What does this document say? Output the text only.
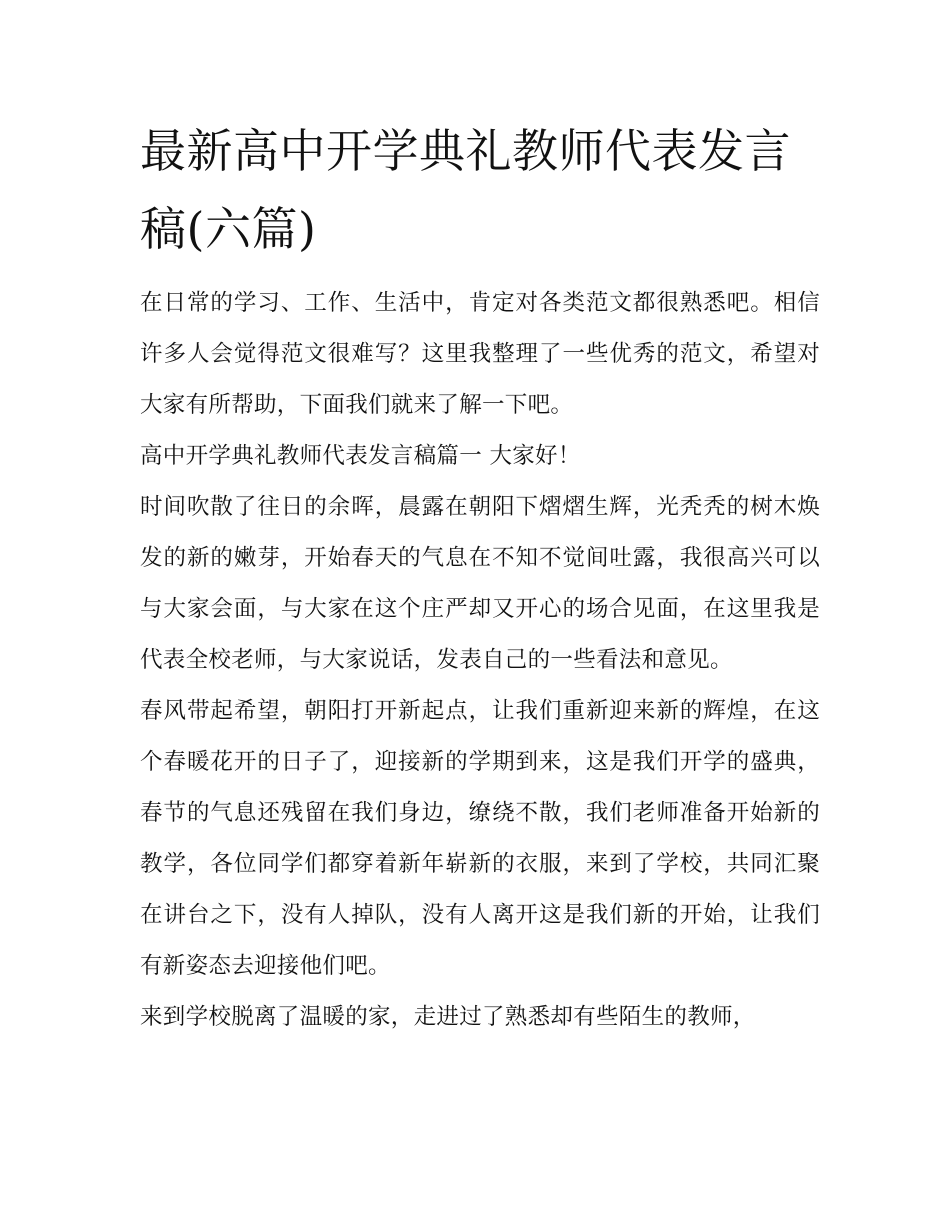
最新高中开学典礼教师代表发言稿(六篇)

在日常的学习、工作、生活中，肯定对各类范文都很熟悉吧。相信许多人会觉得范文很难写？这里我整理了一些优秀的范文，希望对大家有所帮助，下面我们就来了解一下吧。

高中开学典礼教师代表发言稿篇一 大家好！

时间吹散了往日的余晖，晨露在朝阳下熠熠生辉，光秃秃的树木焕发的新的嫩芽，开始春天的气息在不知不觉间吐露，我很高兴可以与大家会面，与大家在这个庄严却又开心的场合见面，在这里我是代表全校老师，与大家说话，发表自己的一些看法和意见。

春风带起希望，朝阳打开新起点，让我们重新迎来新的辉煌，在这个春暖花开的日子了，迎接新的学期到来，这是我们开学的盛典，春节的气息还残留在我们身边，缭绕不散，我们老师准备开始新的教学，各位同学们都穿着新年崭新的衣服，来到了学校，共同汇聚在讲台之下，没有人掉队，没有人离开这是我们新的开始，让我们有新姿态去迎接他们吧。

来到学校脱离了温暖的家，走进过了熟悉却有些陌生的教师，
